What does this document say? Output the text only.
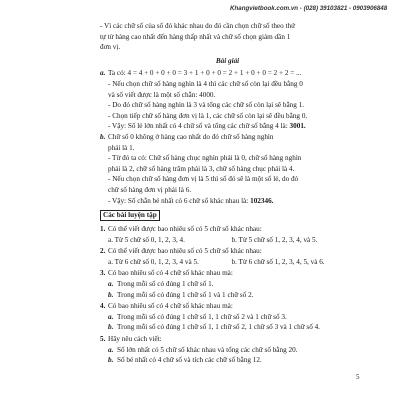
Khangvietbook.com.vn - (028) 39103821 - 0903906848

- Vì các chữ số của số đó khác nhau do đó cần chọn chữ số theo thứ

tự từ hàng cao nhất đến hàng thấp nhất và chữ số chọn giảm dần 1

đơn vị.

Bài giải

a. Ta có: 4 = 4 + 0 + 0 + 0 = 3 + 1 + 0 + 0 = 2 + 1 + 0 + 0 = 2 + 2 = ...

- Nếu chọn chữ số hàng nghìn là 4 thì các chữ số còn lại đều bằng 0

và số viết được là một số chẵn: 4000.

- Do đó chữ số hàng nghìn là 3 và tổng các chữ số còn lại sẽ bằng 1.

- Chọn tiếp chữ số hàng đơn vị là 1, các chữ số còn lại sẽ đều bằng 0.

- Vậy: Số lẻ lớn nhất có 4 chữ số và tổng các chữ số bằng 4 là: 3001.

b. Chữ số 0 không ở hàng cao nhất do đó chữ số hàng nghìn

phải là 1.

- Từ đó ta có: Chữ số hàng chục nghìn phải là 0, chữ số hàng nghìn

phải là 2, chữ số hàng trăm phải là 3, chữ số hàng chục phải là 4.

- Nếu chọn chữ số hàng đơn vị là 5 thì số đó sẽ là một số lẻ, do đó

chữ số hàng đơn vị phải là 6.

- Vậy: Số chẵn bé nhất có 6 chữ số khác nhau là: 102346.

Các bài luyện tập
1. Có thể viết được bao nhiêu số có 5 chữ số khác nhau:
a. Từ 5 chữ số 0, 1, 2, 3, 4.	b. Từ 5 chữ số 1, 2, 3, 4, và 5.
2. Có thể viết được bao nhiêu số có 5 chữ số khác nhau:
a. Từ 6 chữ số 0, 1, 2, 3, 4 và 5.	b. Từ 6 chữ số 1, 2, 3, 4, 5, và 6.
3. Có bao nhiêu số có 4 chữ số khác nhau mà:
a. Trong mỗi số có đúng 1 chữ số 1.
b. Trong mỗi số có đúng 1 chữ số 1 và 1 chữ số 2.
4. Có bao nhiêu số có 4 chữ số khác nhau mà:
a. Trong mỗi số có đúng 1 chữ số 1, 1 chữ số 2 và 1 chữ số 3.
b. Trong mỗi số có đúng 1 chữ số 1, 1 chữ số 2, 1 chữ số 3 và 1 chữ số 4.
5. Hãy nêu cách viết:
a. Số lớn nhất có 5 chữ số khác nhau và tổng các chữ số bằng 20.
b. Số bé nhất có 4 chữ số và tích các chữ số bằng 12.
5
